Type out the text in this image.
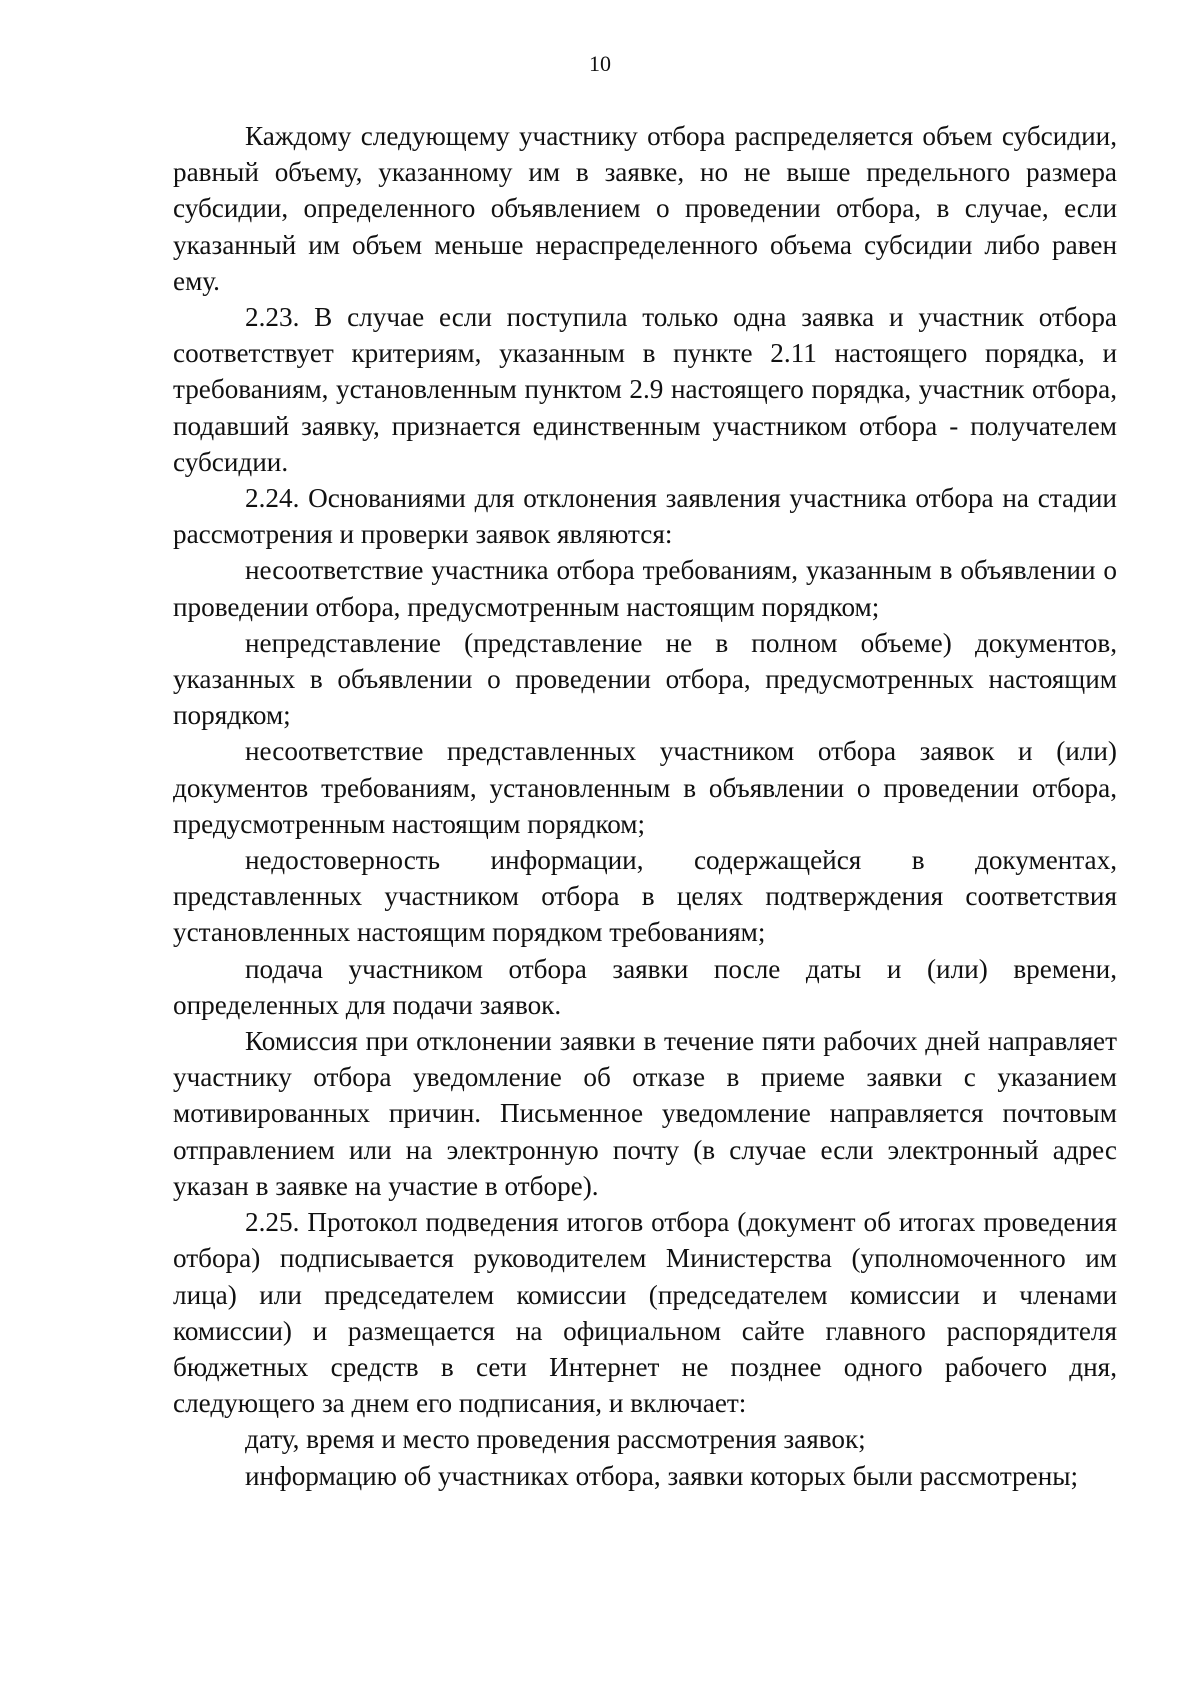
10

Каждому следующему участнику отбора распределяется объем субсидии, равный объему, указанному им в заявке, но не выше предельного размера субсидии, определенного объявлением о проведении отбора, в случае, если указанный им объем меньше нераспределенного объема субсидии либо равен ему.

2.23. В случае если поступила только одна заявка и участник отбора соответствует критериям, указанным в пункте 2.11 настоящего порядка, и требованиям, установленным пунктом 2.9 настоящего порядка, участник отбора, подавший заявку, признается единственным участником отбора - получателем субсидии.

2.24. Основаниями для отклонения заявления участника отбора на стадии рассмотрения и проверки заявок являются:

несоответствие участника отбора требованиям, указанным в объявлении о проведении отбора, предусмотренным настоящим порядком;

непредставление (представление не в полном объеме) документов, указанных в объявлении о проведении отбора, предусмотренных настоящим порядком;

несоответствие представленных участником отбора заявок и (или) документов требованиям, установленным в объявлении о проведении отбора, предусмотренным настоящим порядком;

недостоверность информации, содержащейся в документах, представленных участником отбора в целях подтверждения соответствия установленных настоящим порядком требованиям;

подача участником отбора заявки после даты и (или) времени, определенных для подачи заявок.

Комиссия при отклонении заявки в течение пяти рабочих дней направляет участнику отбора уведомление об отказе в приеме заявки с указанием мотивированных причин. Письменное уведомление направляется почтовым отправлением или на электронную почту (в случае если электронный адрес указан в заявке на участие в отборе).

2.25. Протокол подведения итогов отбора (документ об итогах проведения отбора) подписывается руководителем Министерства (уполномоченного им лица) или председателем комиссии (председателем комиссии и членами комиссии) и размещается на официальном сайте главного распорядителя бюджетных средств в сети Интернет не позднее одного рабочего дня, следующего за днем его подписания, и включает:

дату, время и место проведения рассмотрения заявок;

информацию об участниках отбора, заявки которых были рассмотрены;
